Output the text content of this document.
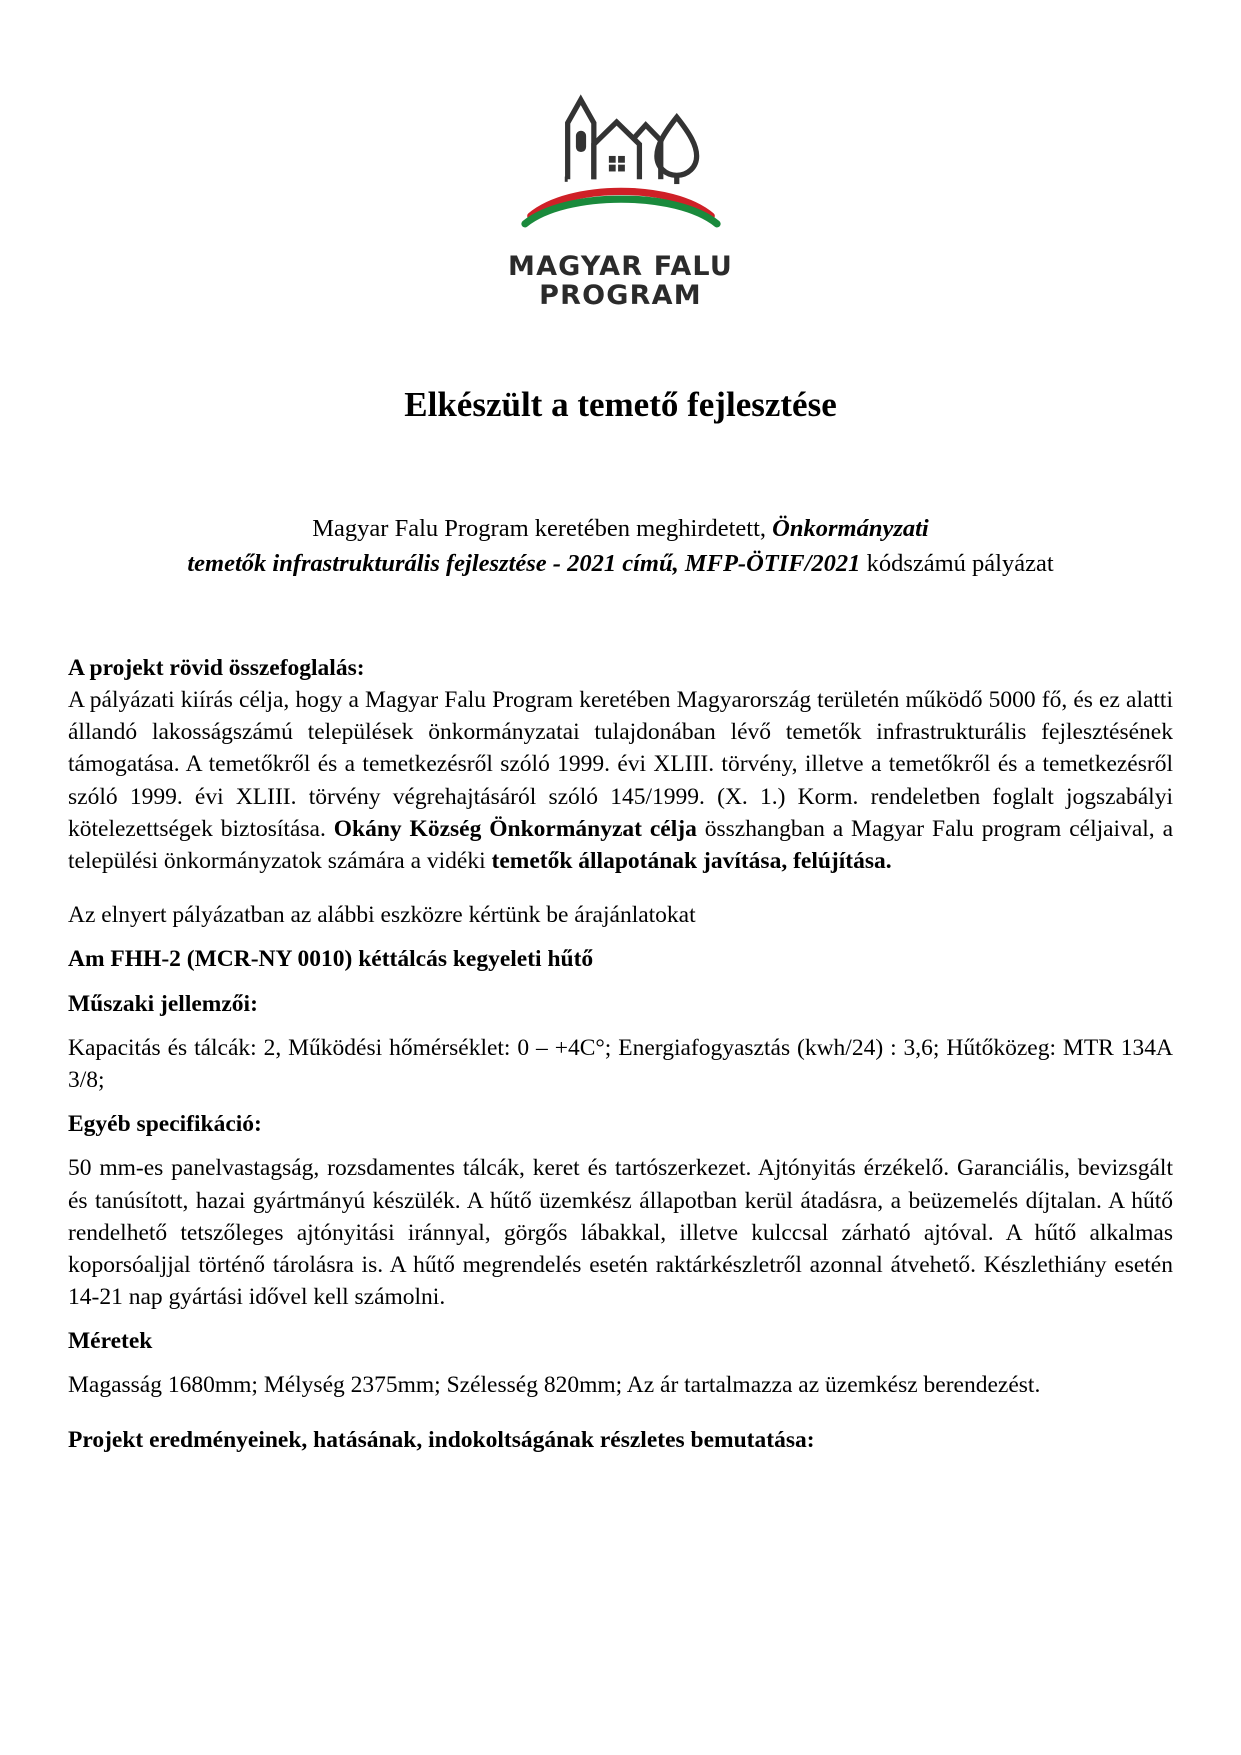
MAGYAR FALU
PROGRAM
Elkészült a temető fejlesztése

Magyar Falu Program keretében meghirdetett, Önkormányzati
temetők infrastrukturális fejlesztése - 2021 című, MFP-ÖTIF/2021 kódszámú pályázat

A projekt rövid összefoglalás:

A pályázati kiírás célja, hogy a Magyar Falu Program keretében Magyarország területén működő 5000 fő, és ez alatti állandó lakosságszámú települések önkormányzatai tulajdonában lévő temetők infrastrukturális fejlesztésének támogatása. A temetőkről és a temetkezésről szóló 1999. évi XLIII. törvény, illetve a temetőkről és a temetkezésről szóló 1999. évi XLIII. törvény végrehajtásáról szóló 145/1999. (X. 1.) Korm. rendeletben foglalt jogszabályi kötelezettségek biztosítása. Okány Község Önkormányzat célja összhangban a Magyar Falu program céljaival, a települési önkormányzatok számára a vidéki temetők állapotának javítása, felújítása.

Az elnyert pályázatban az alábbi eszközre kértünk be árajánlatokat

Am FHH-2 (MCR-NY 0010) kéttálcás kegyeleti hűtő

Műszaki jellemzői:

Kapacitás és tálcák: 2, Működési hőmérséklet: 0 – +4C°; Energiafogyasztás (kwh/24) : 3,6; Hűtőközeg: MTR 134A 3/8;

Egyéb specifikáció:

50 mm-es panelvastagság, rozsdamentes tálcák, keret és tartószerkezet. Ajtónyitás érzékelő. Garanciális, bevizsgált és tanúsított, hazai gyártmányú készülék. A hűtő üzemkész állapotban kerül átadásra, a beüzemelés díjtalan. A hűtő rendelhető tetszőleges ajtónyitási iránnyal, görgős lábakkal, illetve kulccsal zárható ajtóval. A hűtő alkalmas koporsóaljjal történő tárolásra is. A hűtő megrendelés esetén raktárkészletről azonnal átvehető. Készlethiány esetén 14-21 nap gyártási idővel kell számolni.

Méretek

Magasság 1680mm; Mélység 2375mm; Szélesség 820mm; Az ár tartalmazza az üzemkész berendezést.

Projekt eredményeinek, hatásának, indokoltságának részletes bemutatása:
